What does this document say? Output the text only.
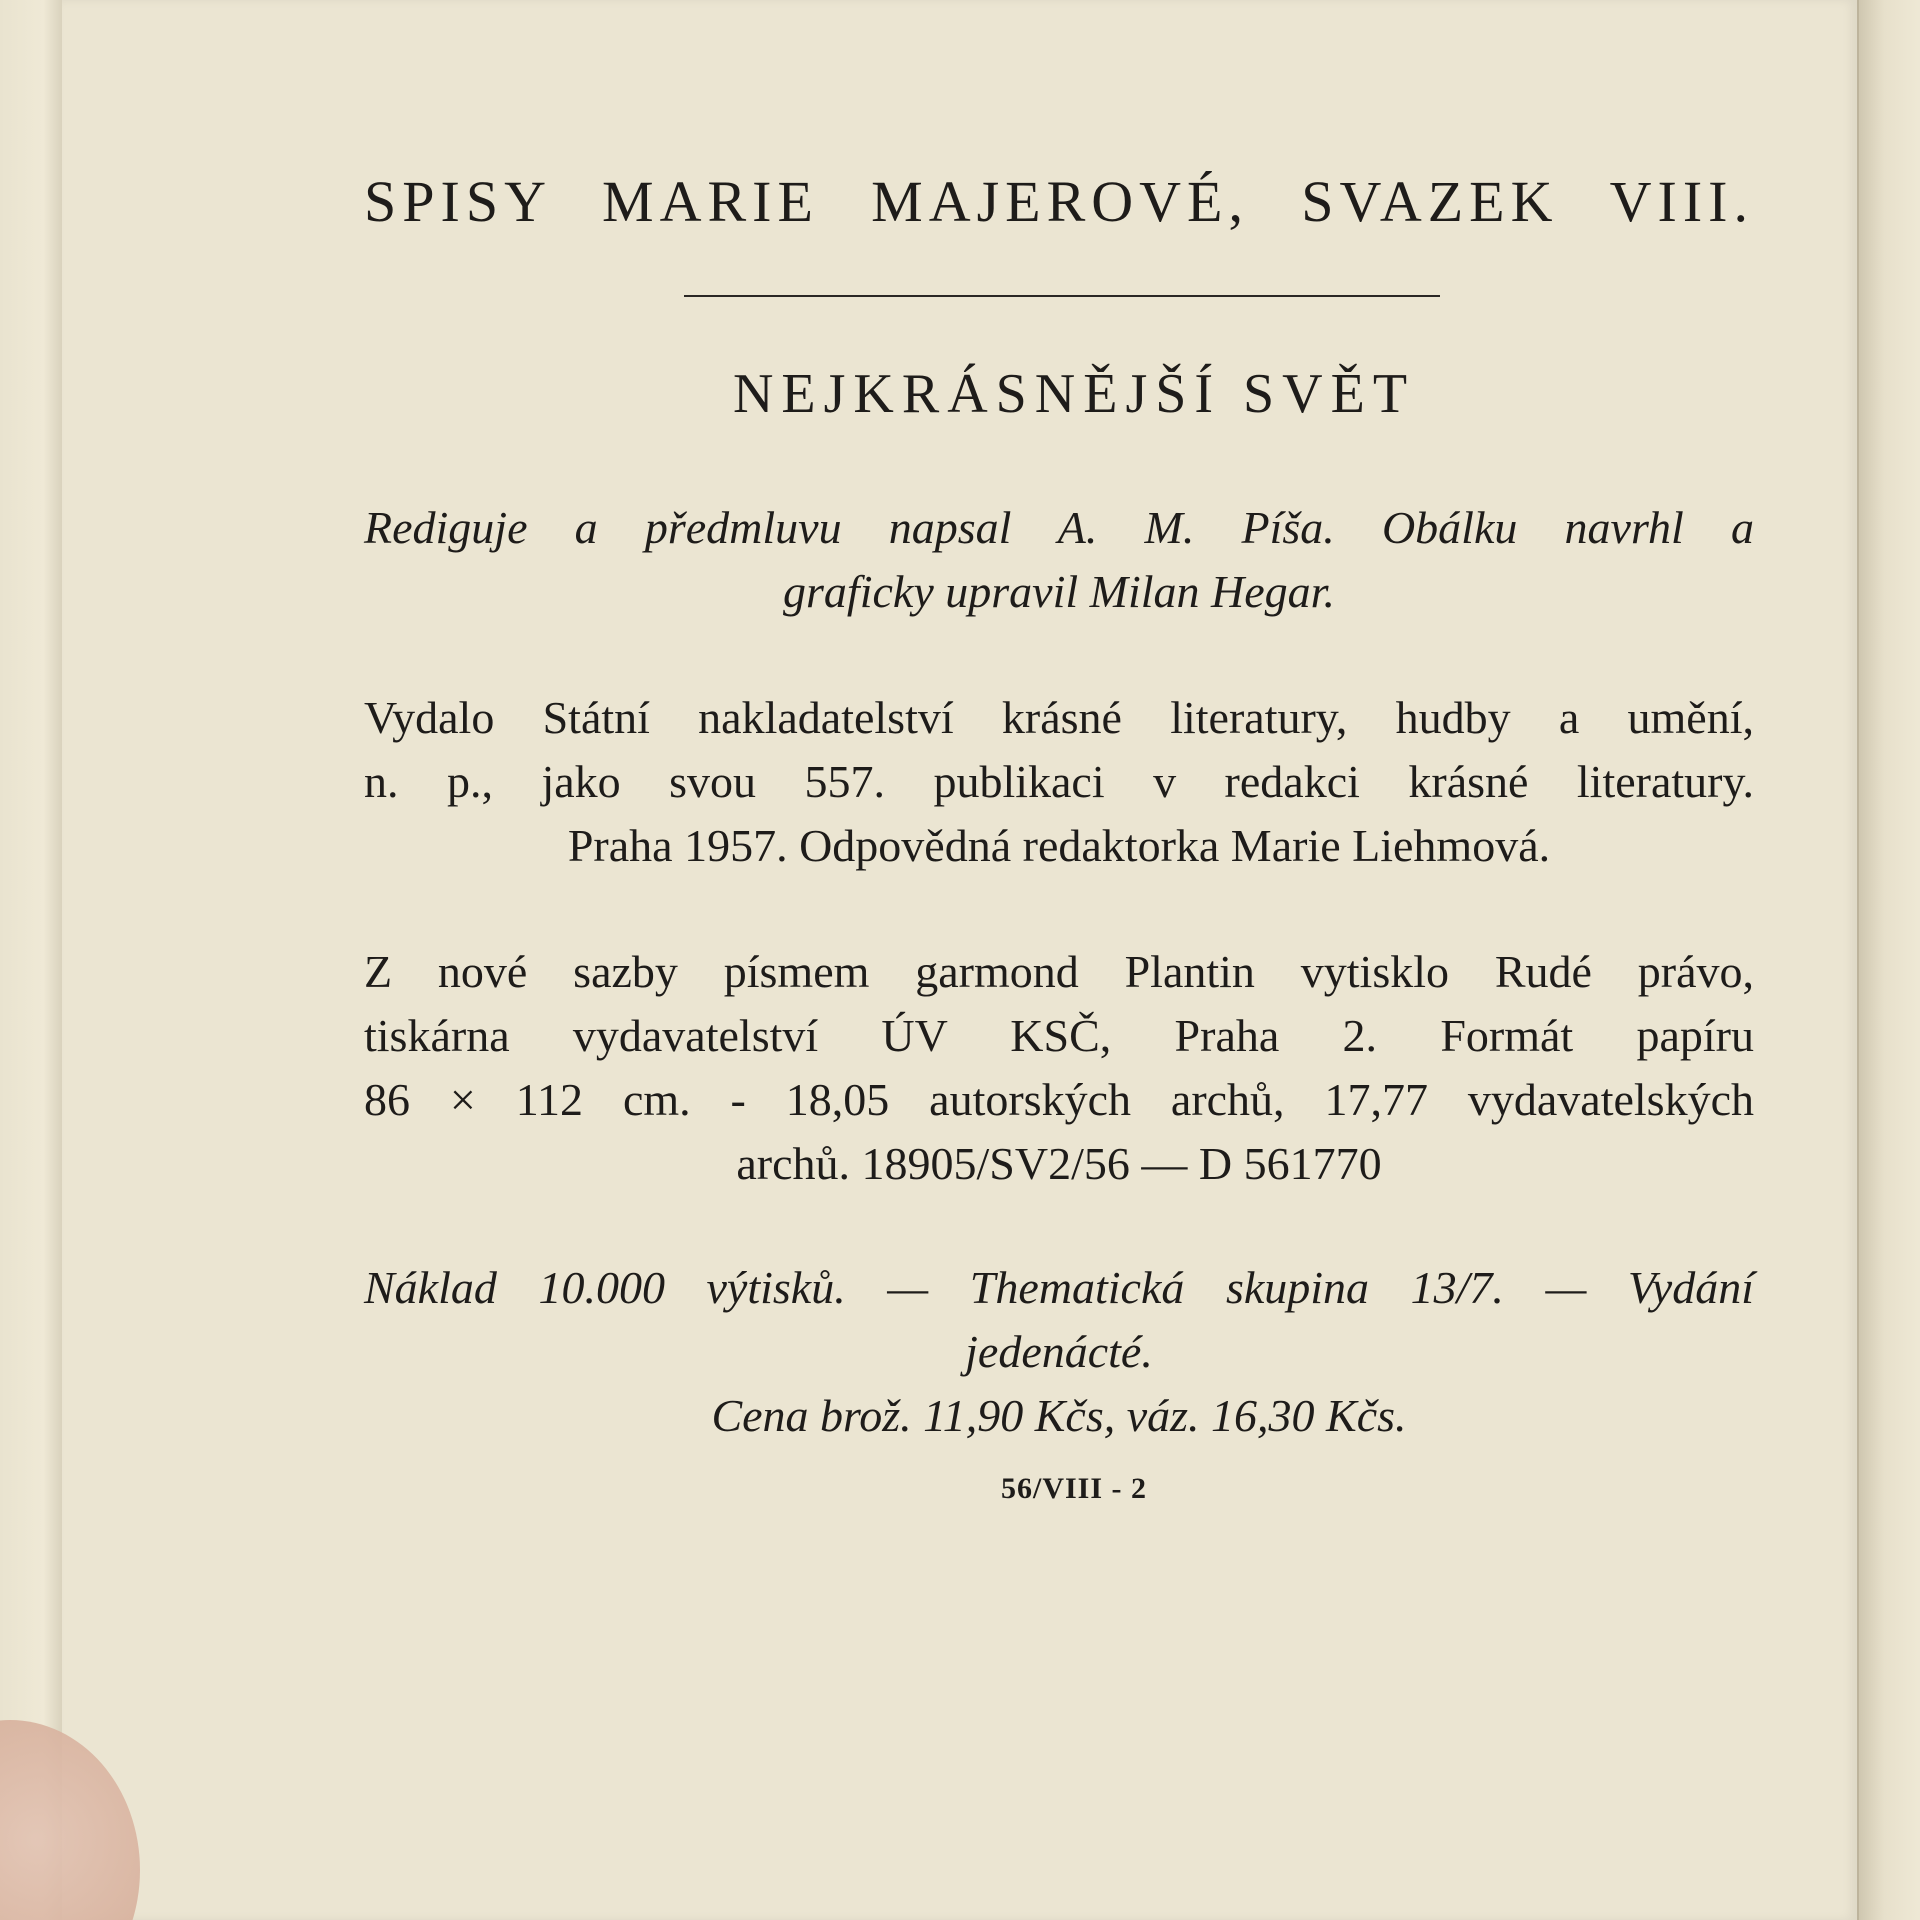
SPISY MARIE MAJEROVÉ, SVAZEK VIII.
NEJKRÁSNĚJŠÍ SVĚT
Rediguje a předmluvu napsal A. M. Píša. Obálku navrhl a
graficky upravil Milan Hegar.
Vydalo Státní nakladatelství krásné literatury, hudby a umění,
n. p., jako svou 557. publikaci v redakci krásné literatury.
Praha 1957. Odpovědná redaktorka Marie Liehmová.
Z nové sazby písmem garmond Plantin vytisklo Rudé právo,
tiskárna vydavatelství ÚV KSČ, Praha 2. Formát papíru
86 × 112 cm. - 18,05 autorských archů, 17,77 vydavatelských
archů. 18905/SV2/56 — D 561770
Náklad 10.000 výtisků. — Thematická skupina 13/7. — Vydání
jedenácté.
Cena brož. 11,90 Kčs, váz. 16,30 Kčs.
56/VIII - 2
